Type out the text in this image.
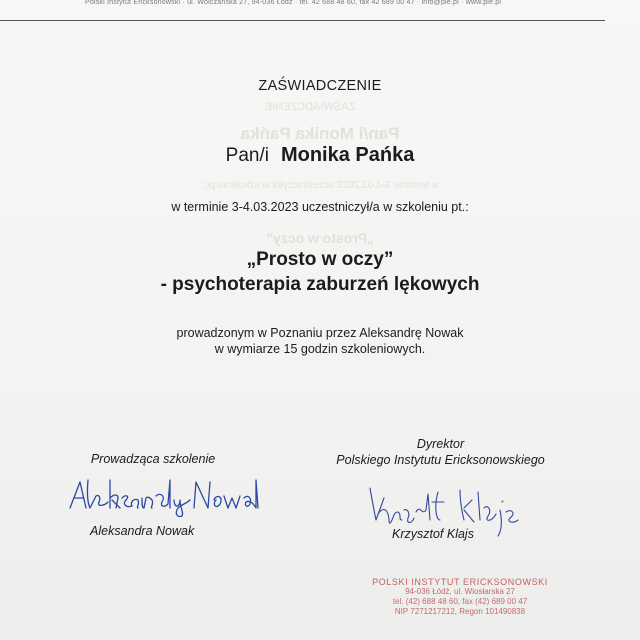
Polski Instytut Ericksonowski · ul. Wólczańska 27, 94-036 Łódź · tel. 42 688 48 60, fax 42 689 00 47 · info@pie.pl · www.pie.pl
ZAŚWIADCZENIE
Pan/i Monika Pańka
w terminie 3-4.03.2023 uczestniczył/a w szkoleniu pt.:
„Prosto w oczy”
ZAŚWIADCZENIE
Pan/i Monika Pańka
w terminie 3-4.03.2023 uczestniczył/a w szkoleniu pt.:
„Prosto w oczy”
- psychoterapia zaburzeń lękowych
prowadzonym w Poznaniu przez Aleksandrę Nowak
w wymiarze 15 godzin szkoleniowych.
Prowadząca szkolenie
Aleksandra Nowak
Dyrektor
Polskiego Instytutu Ericksonowskiego
Krzysztof Klajs
POLSKI INSTYTUT ERICKSONOWSKI
94-036 Łódź, ul. Wiosłarska 27
tel. (42) 688 48 60, fax (42) 689 00 47
NIP 7271217212, Regon 101490838
